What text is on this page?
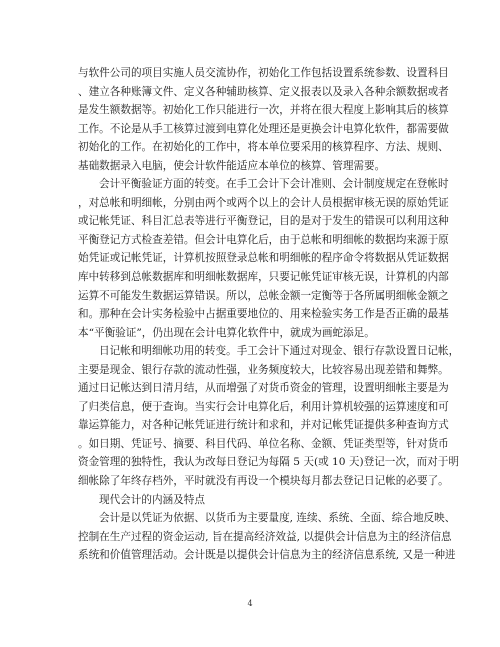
与软件公司的项目实施人员交流协作，初始化工作包括设置系统参数、设置科目
、建立各种账簿文件、定义各种辅助核算、定义报表以及录入各种余额数据或者
是发生额数据等。初始化工作只能进行一次，并将在很大程度上影响其后的核算
工作。不论是从手工核算过渡到电算化处理还是更换会计电算化软件，都需要做
初始化的工作。在初始化的工作中，将本单位要采用的核算程序、方法、规则、
基础数据录入电脑，使会计软件能适应本单位的核算、管理需要。
会计平衡验证方面的转变。在手工会计下会计准则、会计制度规定在登帐时
，对总帐和明细帐，分别由两个或两个以上的会计人员根据审核无误的原始凭证
或记帐凭证、科目汇总表等进行平衡登记，目的是对于发生的错误可以利用这种
平衡登记方式检查差错。但会计电算化后，由于总帐和明细帐的数据均来源于原
始凭证或记帐凭证，计算机按照登录总帐和明细帐的程序命令将数据从凭证数据
库中转移到总帐数据库和明细帐数据库，只要记帐凭证审核无误，计算机的内部
运算不可能发生数据运算错误。所以，总帐金额一定衡等于各所属明细帐金额之
和。那种在会计实务检验中占据重要地位的、用来检验实务工作是否正确的最基
本“平衡验证”，仍出现在会计电算化软件中，就成为画蛇添足。
日记帐和明细帐功用的转变。手工会计下通过对现金、银行存款设置日记帐，
主要是现金、银行存款的流动性强，业务频度较大，比较容易出现差错和舞弊。
通过日记帐达到日清月结，从而增强了对货币资金的管理，设置明细帐主要是为
了归类信息，便于查询。当实行会计电算化后，利用计算机较强的运算速度和可
靠运算能力，对各种记帐凭证进行统计和求和，并对记帐凭证提供多种查询方式
。如日期、凭证号、摘要、科目代码、单位名称、金额、凭证类型等，针对货币
资金管理的独特性，我认为改每日登记为每隔 5 天(或 10 天)登记一次，而对于明
细帐除了年终存档外，平时就没有再设一个模块每月都去登记日记帐的必要了。
现代会计的内涵及特点
会计是以凭证为依据、以货币为主要量度, 连续、系统、全面、综合地反映、
控制在生产过程的资金运动, 旨在提高经济效益, 以提供会计信息为主的经济信息
系统和价值管理活动。会计既是以提供会计信息为主的经济信息系统, 又是一种进
4
